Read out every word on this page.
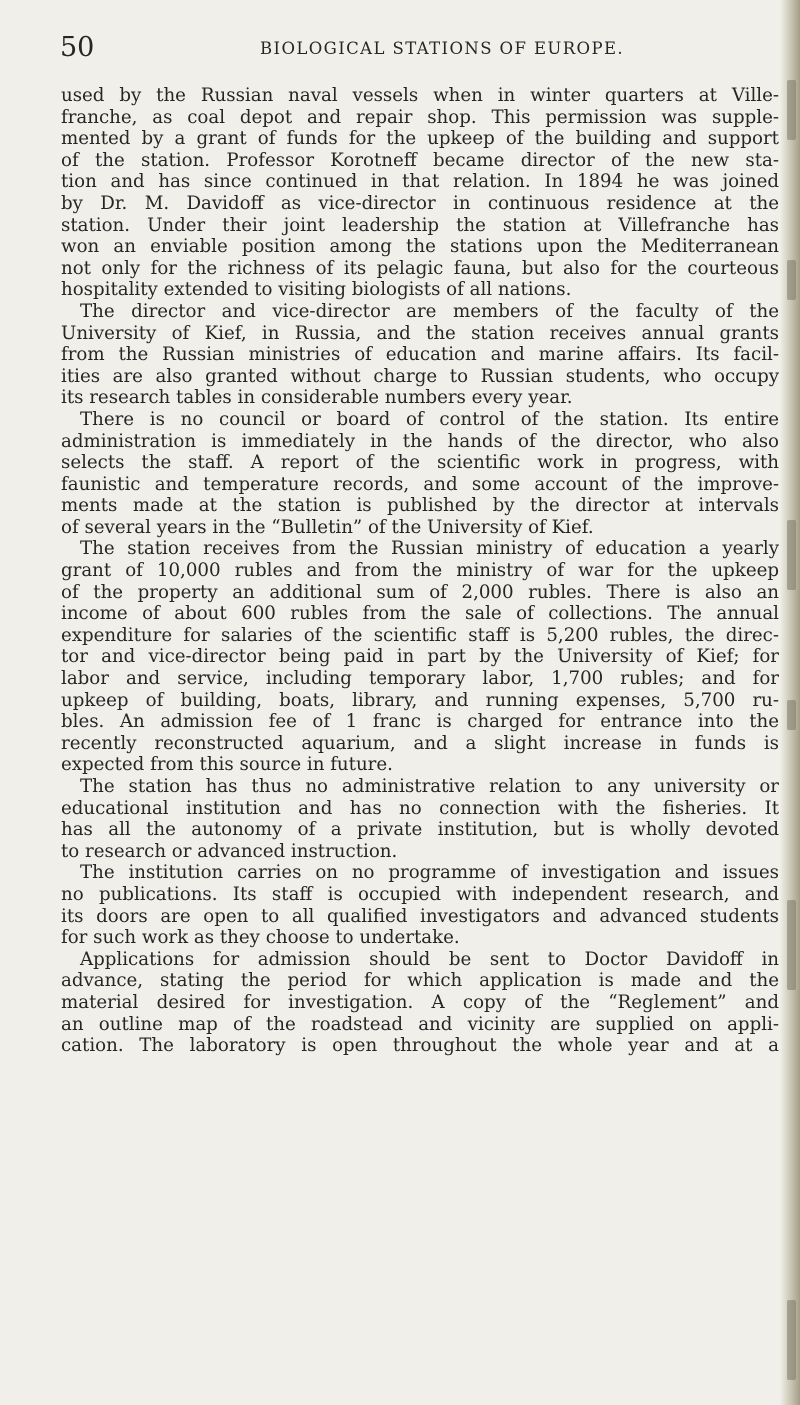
50	BIOLOGICAL STATIONS OF EUROPE.
used by the Russian naval vessels when in winter quarters at Ville-
franche, as coal depot and repair shop. This permission was supple-
mented by a grant of funds for the upkeep of the building and support
of the station. Professor Korotneff became director of the new sta-
tion and has since continued in that relation. In 1894 he was joined
by Dr. M. Davidoff as vice-director in continuous residence at the
station. Under their joint leadership the station at Villefranche has
won an enviable position among the stations upon the Mediterranean
not only for the richness of its pelagic fauna, but also for the courteous
hospitality extended to visiting biologists of all nations.
The director and vice-director are members of the faculty of the
University of Kief, in Russia, and the station receives annual grants
from the Russian ministries of education and marine affairs. Its facil-
ities are also granted without charge to Russian students, who occupy
its research tables in considerable numbers every year.
There is no council or board of control of the station. Its entire
administration is immediately in the hands of the director, who also
selects the staff. A report of the scientific work in progress, with
faunistic and temperature records, and some account of the improve-
ments made at the station is published by the director at intervals
of several years in the “Bulletin” of the University of Kief.
The station receives from the Russian ministry of education a yearly
grant of 10,000 rubles and from the ministry of war for the upkeep
of the property an additional sum of 2,000 rubles. There is also an
income of about 600 rubles from the sale of collections. The annual
expenditure for salaries of the scientific staff is 5,200 rubles, the direc-
tor and vice-director being paid in part by the University of Kief; for
labor and service, including temporary labor, 1,700 rubles; and for
upkeep of building, boats, library, and running expenses, 5,700 ru-
bles. An admission fee of 1 franc is charged for entrance into the
recently reconstructed aquarium, and a slight increase in funds is
expected from this source in future.
The station has thus no administrative relation to any university or
educational institution and has no connection with the fisheries. It
has all the autonomy of a private institution, but is wholly devoted
to research or advanced instruction.
The institution carries on no programme of investigation and issues
no publications. Its staff is occupied with independent research, and
its doors are open to all qualified investigators and advanced students
for such work as they choose to undertake.
Applications for admission should be sent to Doctor Davidoff in
advance, stating the period for which application is made and the
material desired for investigation. A copy of the “Reglement” and
an outline map of the roadstead and vicinity are supplied on appli-
cation. The laboratory is open throughout the whole year and at a
